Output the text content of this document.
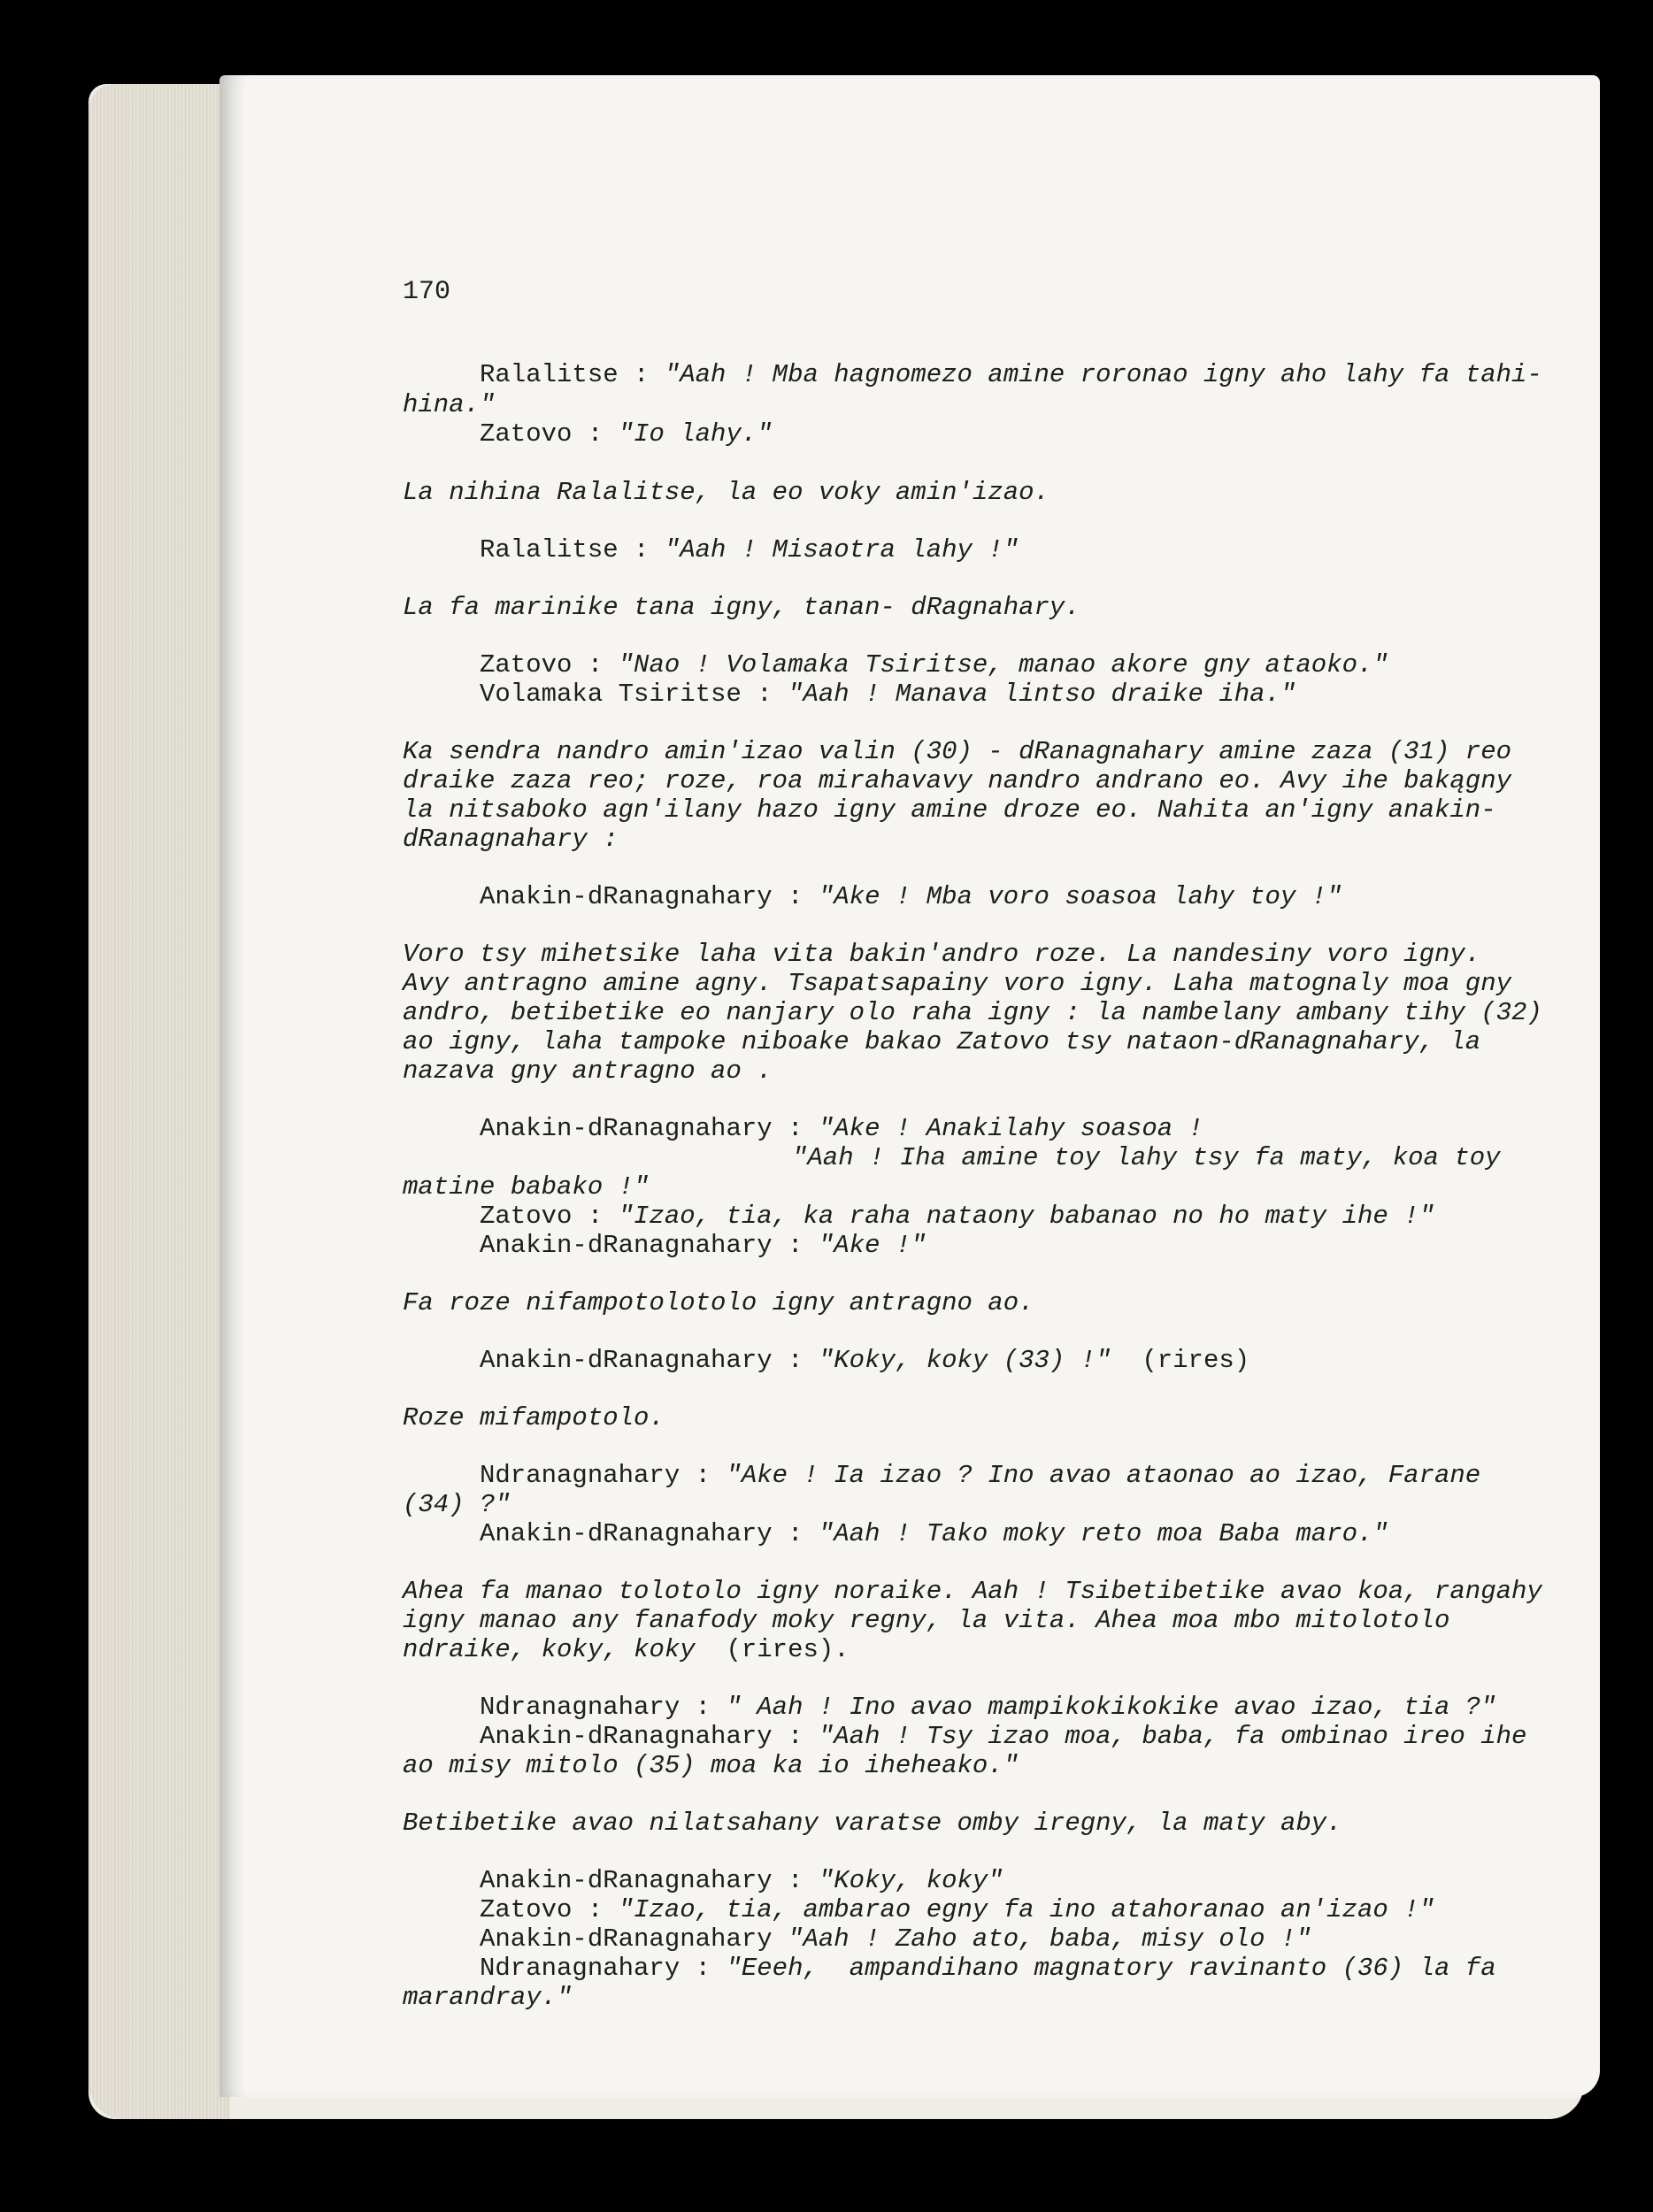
170
Ralalitse : "Aah ! Mba hagnomezo amine roronao igny aho lahy fa tahi-
hina."
Zatovo : "Io lahy."
La nihina Ralalitse, la eo voky amin'izao.
Ralalitse : "Aah ! Misaotra lahy !"
La fa marinike tana igny, tanan- dRagnahary.
Zatovo : "Nao ! Volamaka Tsiritse, manao akore gny ataoko."
Volamaka Tsiritse : "Aah ! Manava lintso draike iha."
Ka sendra nandro amin'izao valin (30) - dRanagnahary amine zaza (31) reo
draike zaza reo; roze, roa mirahavavy nandro andrano eo. Avy ihe bakągny
la nitsaboko agn'ilany hazo igny amine droze eo. Nahita an'igny anakin-
dRanagnahary :
Anakin-dRanagnahary : "Ake ! Mba voro soasoa lahy toy !"
Voro tsy mihetsike laha vita bakin'andro roze. La nandesiny voro igny.
Avy antragno amine agny. Tsapatsapainy voro igny. Laha matognaly moa gny
andro, betibetike eo nanjary olo raha igny : la nambelany ambany tihy (32)
ao igny, laha tampoke niboake bakao Zatovo tsy nataon-dRanagnahary, la
nazava gny antragno ao .
Anakin-dRanagnahary : "Ake ! Anakilahy soasoa !
"Aah ! Iha amine toy lahy tsy fa maty, koa toy
matine babako !"
Zatovo : "Izao, tia, ka raha nataony babanao no ho maty ihe !"
Anakin-dRanagnahary : "Ake !"
Fa roze nifampotolotolo igny antragno ao.
Anakin-dRanagnahary : "Koky, koky (33) !"  (rires)
Roze mifampotolo.
Ndranagnahary : "Ake ! Ia izao ? Ino avao ataonao ao izao, Farane
(34) ?"
Anakin-dRanagnahary : "Aah ! Tako moky reto moa Baba maro."
Ahea fa manao tolotolo igny noraike. Aah ! Tsibetibetike avao koa, rangahy
igny manao any fanafody moky regny, la vita. Ahea moa mbo mitolotolo
ndraike, koky, koky  (rires).
Ndranagnahary : " Aah ! Ino avao mampikokikokike avao izao, tia ?"
Anakin-dRanagnahary : "Aah ! Tsy izao moa, baba, fa ombinao ireo ihe
ao misy mitolo (35) moa ka io iheheako."
Betibetike avao nilatsahany varatse omby iregny, la maty aby.
Anakin-dRanagnahary : "Koky, koky"
Zatovo : "Izao, tia, ambarao egny fa ino atahoranao an'izao !"
Anakin-dRanagnahary "Aah ! Zaho ato, baba, misy olo !"
Ndranagnahary : "Eeeh,  ampandihano magnatory ravinanto (36) la fa
marandray."
